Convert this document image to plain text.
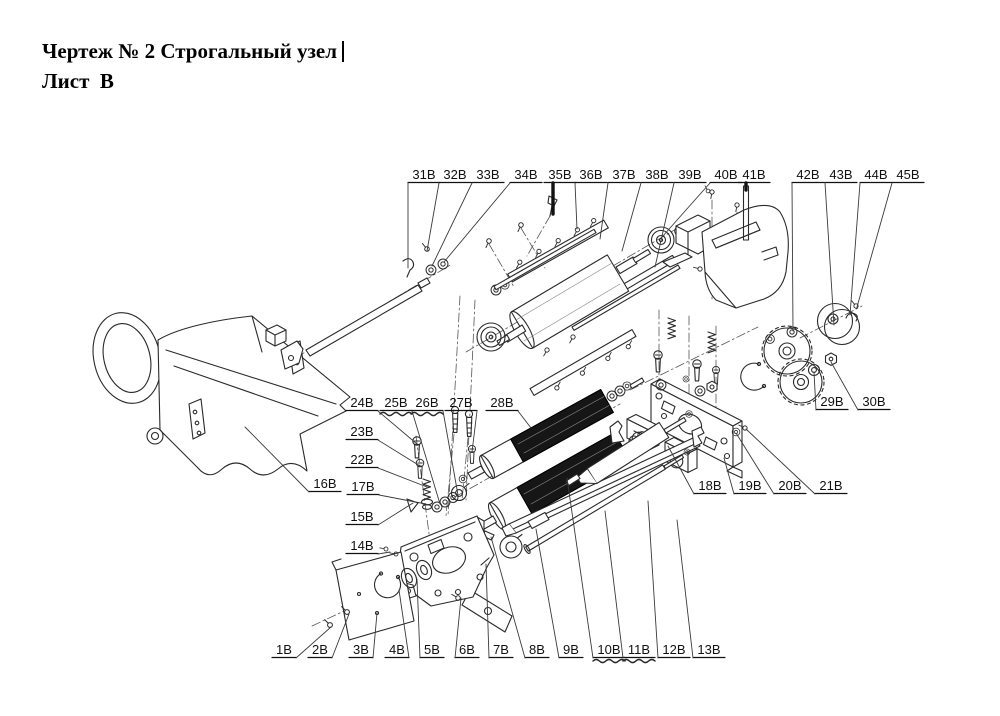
Чертеж № 2 Строгальный узел
Лист  В
31В 32В 33В 34В 35В 36В 37В 38В 39В 40В 41В 42В 43В 44В 45В
1В 2В 3В 4В 5В 6В 7В 8В 9В 10В 11В 12В 13В
14В
15В
16В 17В
22В
23В
24В 25В 26В 27В 28В
18В 19В 20В 21В
29В 30В
